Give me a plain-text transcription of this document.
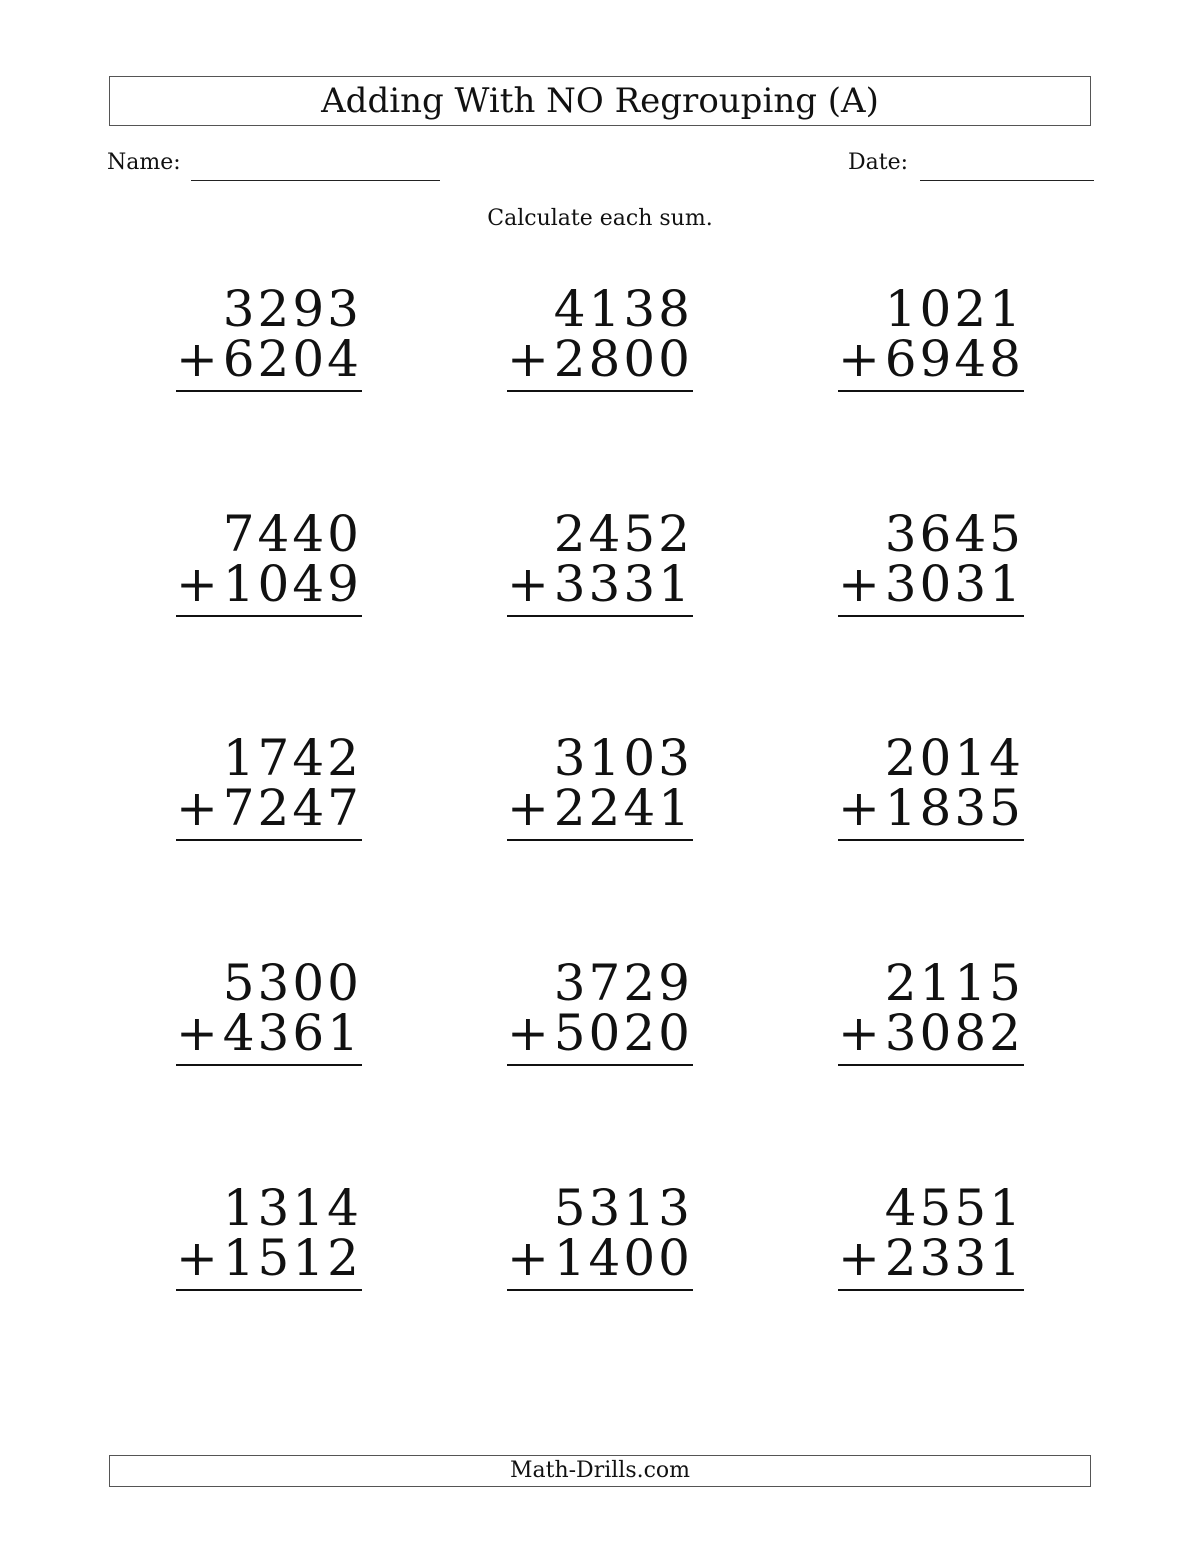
Adding With NO Regrouping (A)
Name:	Date:
Calculate each sum.
3293
+ 6204
4138
+ 2800
1021
+ 6948
7440
+ 1049
2452
+ 3331
3645
+ 3031
1742
+ 7247
3103
+ 2241
2014
+ 1835
5300
+ 4361
3729
+ 5020
2115
+ 3082
1314
+ 1512
5313
+ 1400
4551
+ 2331
Math-Drills.com
